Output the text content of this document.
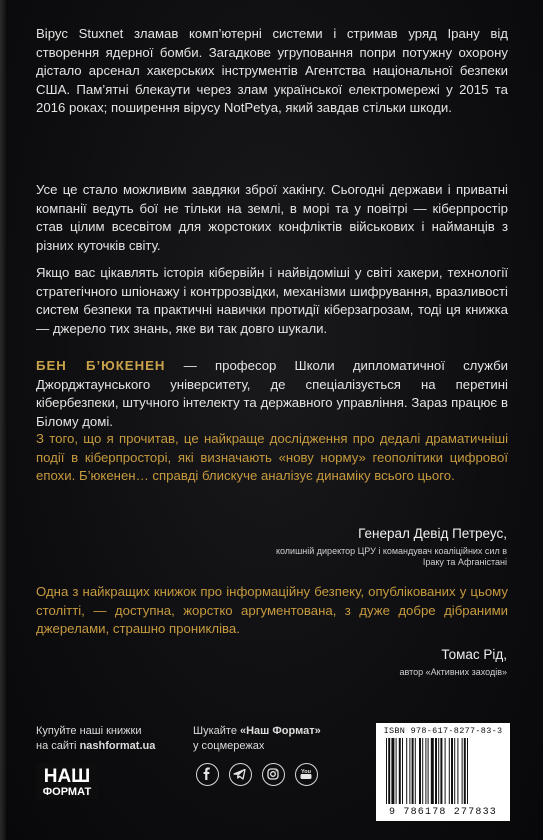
Вірус Stuxnet зламав комп’ютерні системи і стримав уряд Ірану від створення ядерної бомби. Загадкове угруповання попри потужну охорону дістало арсенал хакерських інструментів Агентства національної безпеки США. Пам’ятні блекаути через злам української електромережі у 2015 та 2016 роках; поширення вірусу NotPetya, який завдав стільки шкоди.
Усе це стало можливим завдяки зброї хакінгу. Сьогодні держави і приватні компанії ведуть бої не тільки на землі, в морі та у повітрі — кіберпростір став цілим всесвітом для жорстоких конфліктів військових і найманців з різних куточків світу.
Якщо вас цікавлять історія кібервійн і найвідоміші у світі хакери, технології стратегічного шпіонажу і контррозвідки, механізми шифрування, вразливості систем безпеки та практичні навички протидії кіберзагрозам, тоді ця книжка — джерело тих знань, яке ви так довго шукали.
БЕН Б’ЮКЕНЕН — професор Школи дипломатичної служби Джорджтаунського університету, де спеціалізується на перетині кібербезпеки, штучного інтелекту та державного управління. Зараз працює в Білому домі.
З того, що я прочитав, це найкраще дослідження про дедалі драматичніші події в кіберпросторі, які визначають «нову норму» геополітики цифрової епохи. Б’юкенен… справді блискуче аналізує динаміку всього цього.
Генерал Девід Петреус,
колишній директор ЦРУ і командувач коаліційних сил в Іраку та Афганістані
Одна з найкращих книжок про інформаційну безпеку, опублікованих у цьому столітті, — доступна, жорстко аргументована, з дуже добре дібраними джерелами, страшно проникліва.
Томас Рід,
автор «Активних заходів»
Купуйте наші книжки
на сайті nashformat.ua
Шукайте «Наш Формат»
у соцмережах
НАШ
ФОРМАТ
You
ISBN 978-617-8277-83-3
9 786178 277833
